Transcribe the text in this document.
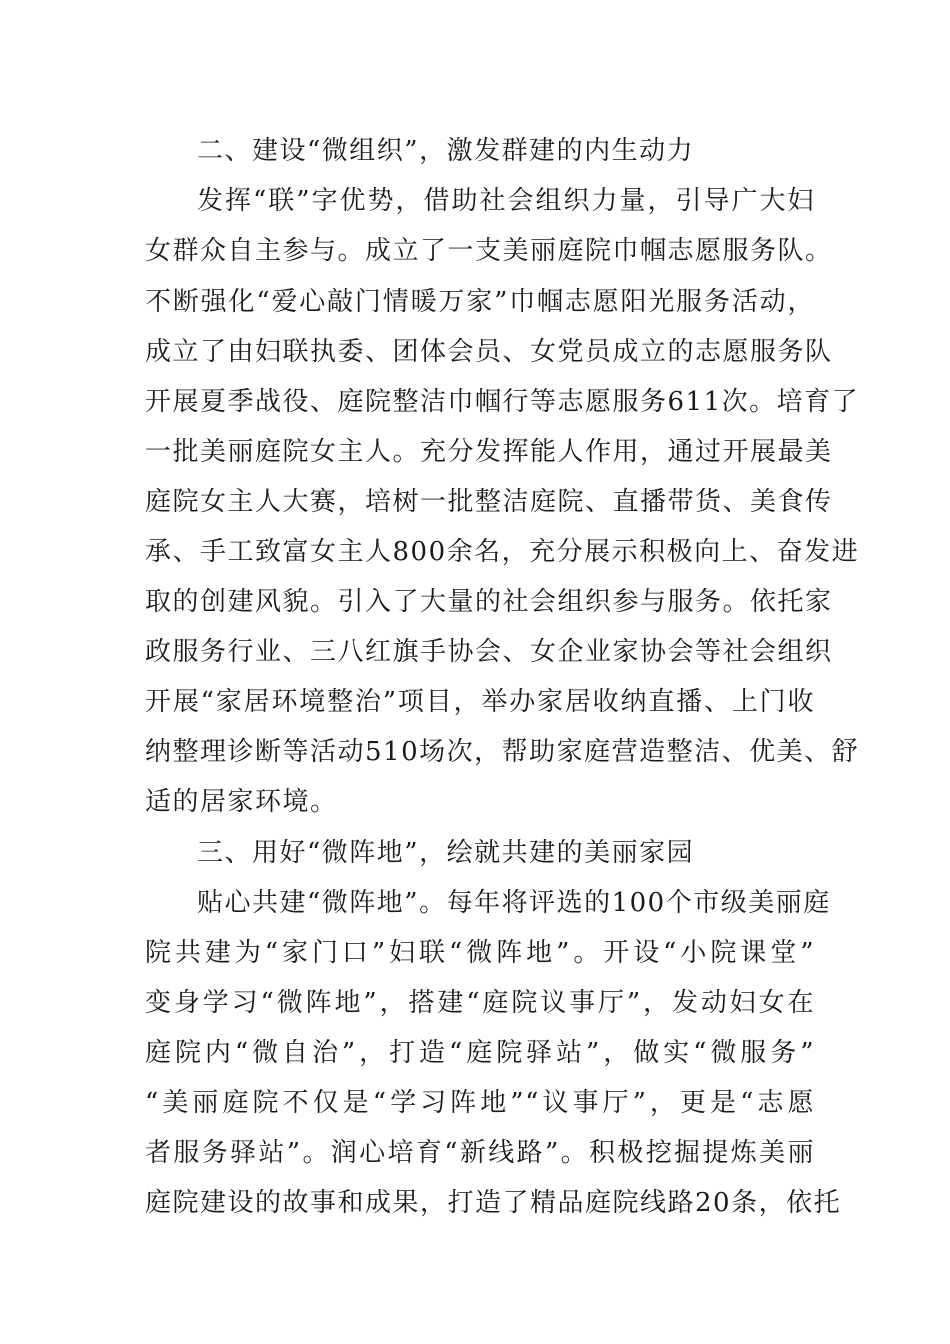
二、建设“微组织”，激发群建的内生动力
发挥“联”字优势，借助社会组织力量，引导广大妇
女群众自主参与。成立了一支美丽庭院巾帼志愿服务队。
不断强化“爱心敲门情暖万家”巾帼志愿阳光服务活动，
成立了由妇联执委、团体会员、女党员成立的志愿服务队
开展夏季战役、庭院整洁巾帼行等志愿服务611次。培育了
一批美丽庭院女主人。充分发挥能人作用，通过开展最美
庭院女主人大赛，培树一批整洁庭院、直播带货、美食传
承、手工致富女主人800余名，充分展示积极向上、奋发进
取的创建风貌。引入了大量的社会组织参与服务。依托家
政服务行业、三八红旗手协会、女企业家协会等社会组织
开展“家居环境整治”项目，举办家居收纳直播、上门收
纳整理诊断等活动510场次，帮助家庭营造整洁、优美、舒
适的居家环境。
三、用好“微阵地”，绘就共建的美丽家园
贴心共建“微阵地”。每年将评选的100个市级美丽庭
院共建为“家门口”妇联“微阵地”。开设“小院课堂”
变身学习“微阵地”，搭建“庭院议事厅”，发动妇女在
庭院内“微自治”，打造“庭院驿站”，做实“微服务”
“美丽庭院不仅是“学习阵地”“议事厅”，更是“志愿
者服务驿站”。润心培育“新线路”。积极挖掘提炼美丽
庭院建设的故事和成果，打造了精品庭院线路20条，依托
